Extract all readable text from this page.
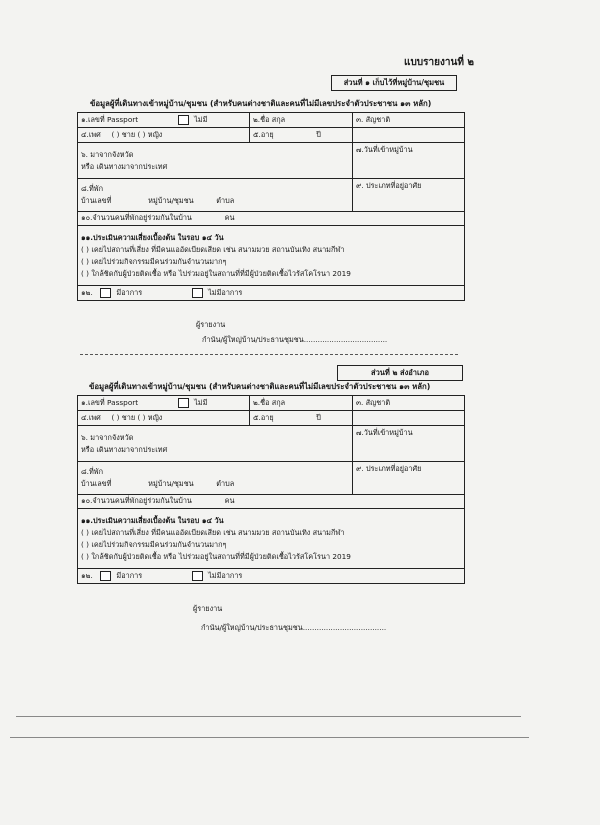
แบบรายงานที่ ๒
ส่วนที่ ๑ เก็บไว้ที่หมู่บ้าน/ชุมชน
ข้อมูลผู้ที่เดินทางเข้าหมู่บ้าน/ชุมชน (สำหรับคนต่างชาติและคนที่ไม่มีเลขประจำตัวประชาชน ๑๓ หลัก)
๑.เลขที่ Passport ไม่มี	๒.ชื่อ สกุล	๓. สัญชาติ
๔.เพศ ( ) ชาย ( ) หญิง	๕.อายุ ปี	

๖. มาจากจังหวัด
หรือ เดินทางมาจากประเทศ		๗.วันที่เข้าหมู่บ้าน

๘.ที่พัก
บ้านเลขที่ หมู่บ้าน/ชุมชน ตำบล		๙. ประเภทที่อยู่อาศัย
๑๐.จำนวนคนที่พักอยู่ร่วมกันในบ้าน คน		

๑๑.ประเมินความเสี่ยงเบื้องต้น ในรอบ ๑๔ วัน
( ) เคยไปสถานที่เสี่ยง ที่มีคนแออัดเบียดเสียด เช่น สนามมวย สถานบันเทิง สนามกีฬา
( ) เคยไปร่วมกิจกรรมมีคนร่วมกันจำนวนมากๆ
( ) ใกล้ชิดกับผู้ป่วยติดเชื้อ หรือ ไปร่วมอยู่ในสถานที่ที่มีผู้ป่วยติดเชื้อไวรัสโคโรนา 2019		

๑๒. มีอาการ ไม่มีอาการ		
ผู้รายงาน
กำนัน/ผู้ใหญ่บ้าน/ประธานชุมชน....................................
ส่วนที่ ๒ ส่งอำเภอ
ข้อมูลผู้ที่เดินทางเข้าหมู่บ้าน/ชุมชน (สำหรับคนต่างชาติและคนที่ไม่มีเลขประจำตัวประชาชน ๑๓ หลัก)
๑.เลขที่ Passport ไม่มี	๒.ชื่อ สกุล	๓. สัญชาติ
๔.เพศ ( ) ชาย ( ) หญิง	๕.อายุ ปี	

๖. มาจากจังหวัด
หรือ เดินทางมาจากประเทศ		๗.วันที่เข้าหมู่บ้าน

๘.ที่พัก
บ้านเลขที่ หมู่บ้าน/ชุมชน ตำบล		๙. ประเภทที่อยู่อาศัย
๑๐.จำนวนคนที่พักอยู่ร่วมกันในบ้าน คน		

๑๑.ประเมินความเสี่ยงเบื้องต้น ในรอบ ๑๔ วัน
( ) เคยไปสถานที่เสี่ยง ที่มีคนแออัดเบียดเสียด เช่น สนามมวย สถานบันเทิง สนามกีฬา
( ) เคยไปร่วมกิจกรรมมีคนร่วมกันจำนวนมากๆ
( ) ใกล้ชิดกับผู้ป่วยติดเชื้อ หรือ ไปร่วมอยู่ในสถานที่ที่มีผู้ป่วยติดเชื้อไวรัสโคโรนา 2019		

๑๒. มีอาการ ไม่มีอาการ		
ผู้รายงาน
กำนัน/ผู้ใหญ่บ้าน/ประธานชุมชน....................................
